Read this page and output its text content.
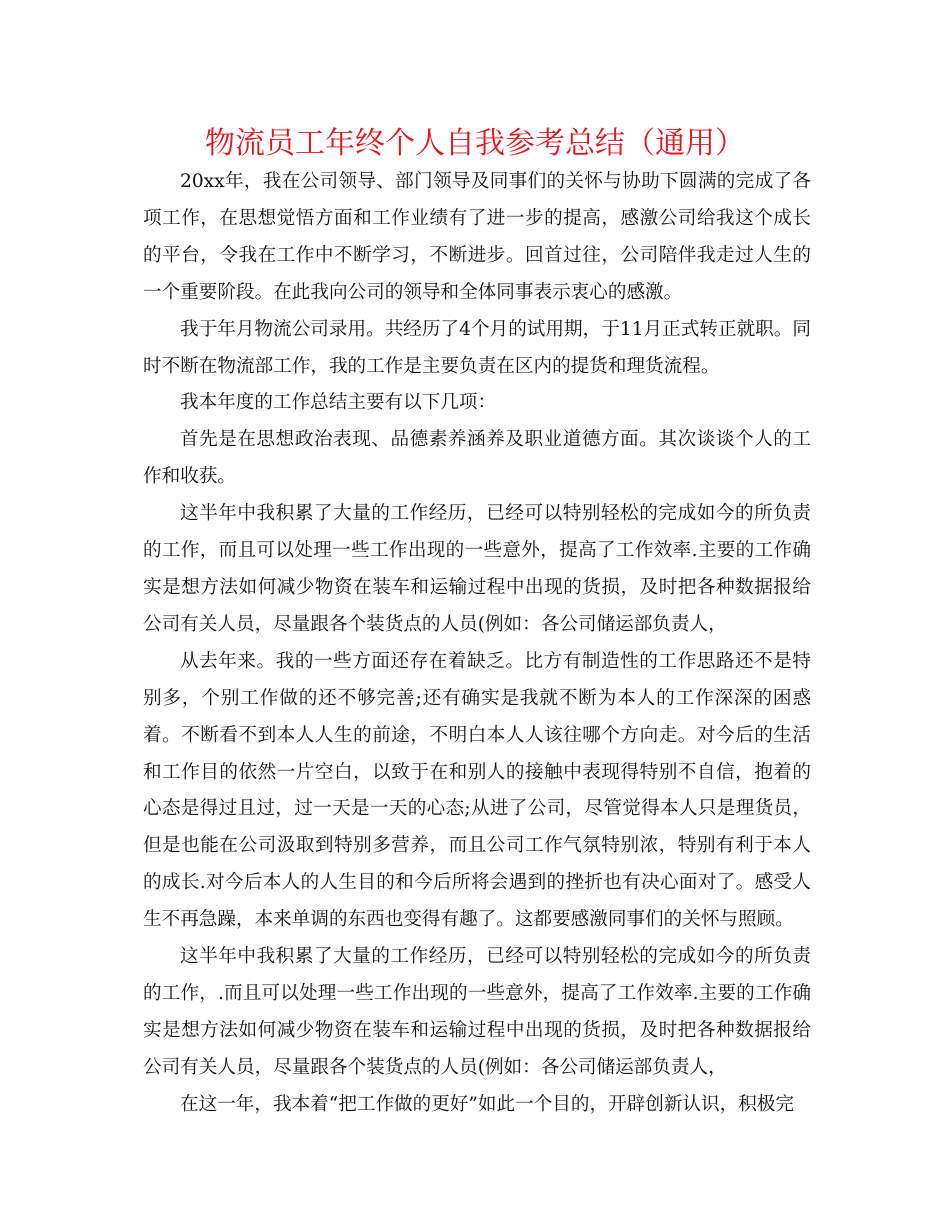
物流员工年终个人自我参考总结（通用）

20xx年，我在公司领导、部门领导及同事们的关怀与协助下圆满的完成了各项工作，在思想觉悟方面和工作业绩有了进一步的提高，感激公司给我这个成长的平台，令我在工作中不断学习，不断进步。回首过往，公司陪伴我走过人生的一个重要阶段。在此我向公司的领导和全体同事表示衷心的感激。

我于年月物流公司录用。共经历了4个月的试用期，于11月正式转正就职。同时不断在物流部工作，我的工作是主要负责在区内的提货和理货流程。

我本年度的工作总结主要有以下几项：

首先是在思想政治表现、品德素养涵养及职业道德方面。其次谈谈个人的工作和收获。

这半年中我积累了大量的工作经历，已经可以特别轻松的完成如今的所负责的工作，而且可以处理一些工作出现的一些意外，提高了工作效率.主要的工作确实是想方法如何减少物资在装车和运输过程中出现的货损，及时把各种数据报给公司有关人员，尽量跟各个装货点的人员(例如：各公司储运部负责人，

从去年来。我的一些方面还存在着缺乏。比方有制造性的工作思路还不是特别多，个别工作做的还不够完善;还有确实是我就不断为本人的工作深深的困惑着。不断看不到本人人生的前途，不明白本人人该往哪个方向走。对今后的生活和工作目的依然一片空白，以致于在和别人的接触中表现得特别不自信，抱着的心态是得过且过，过一天是一天的心态;从进了公司，尽管觉得本人只是理货员，但是也能在公司汲取到特别多营养，而且公司工作气氛特别浓，特别有利于本人的成长.对今后本人的人生目的和今后所将会遇到的挫折也有决心面对了。感受人生不再急躁，本来单调的东西也变得有趣了。这都要感激同事们的关怀与照顾。

这半年中我积累了大量的工作经历，已经可以特别轻松的完成如今的所负责的工作，.而且可以处理一些工作出现的一些意外，提高了工作效率.主要的工作确实是想方法如何减少物资在装车和运输过程中出现的货损，及时把各种数据报给公司有关人员，尽量跟各个装货点的人员(例如：各公司储运部负责人，

在这一年，我本着“把工作做的更好”如此一个目的，开辟创新认识，积极完
